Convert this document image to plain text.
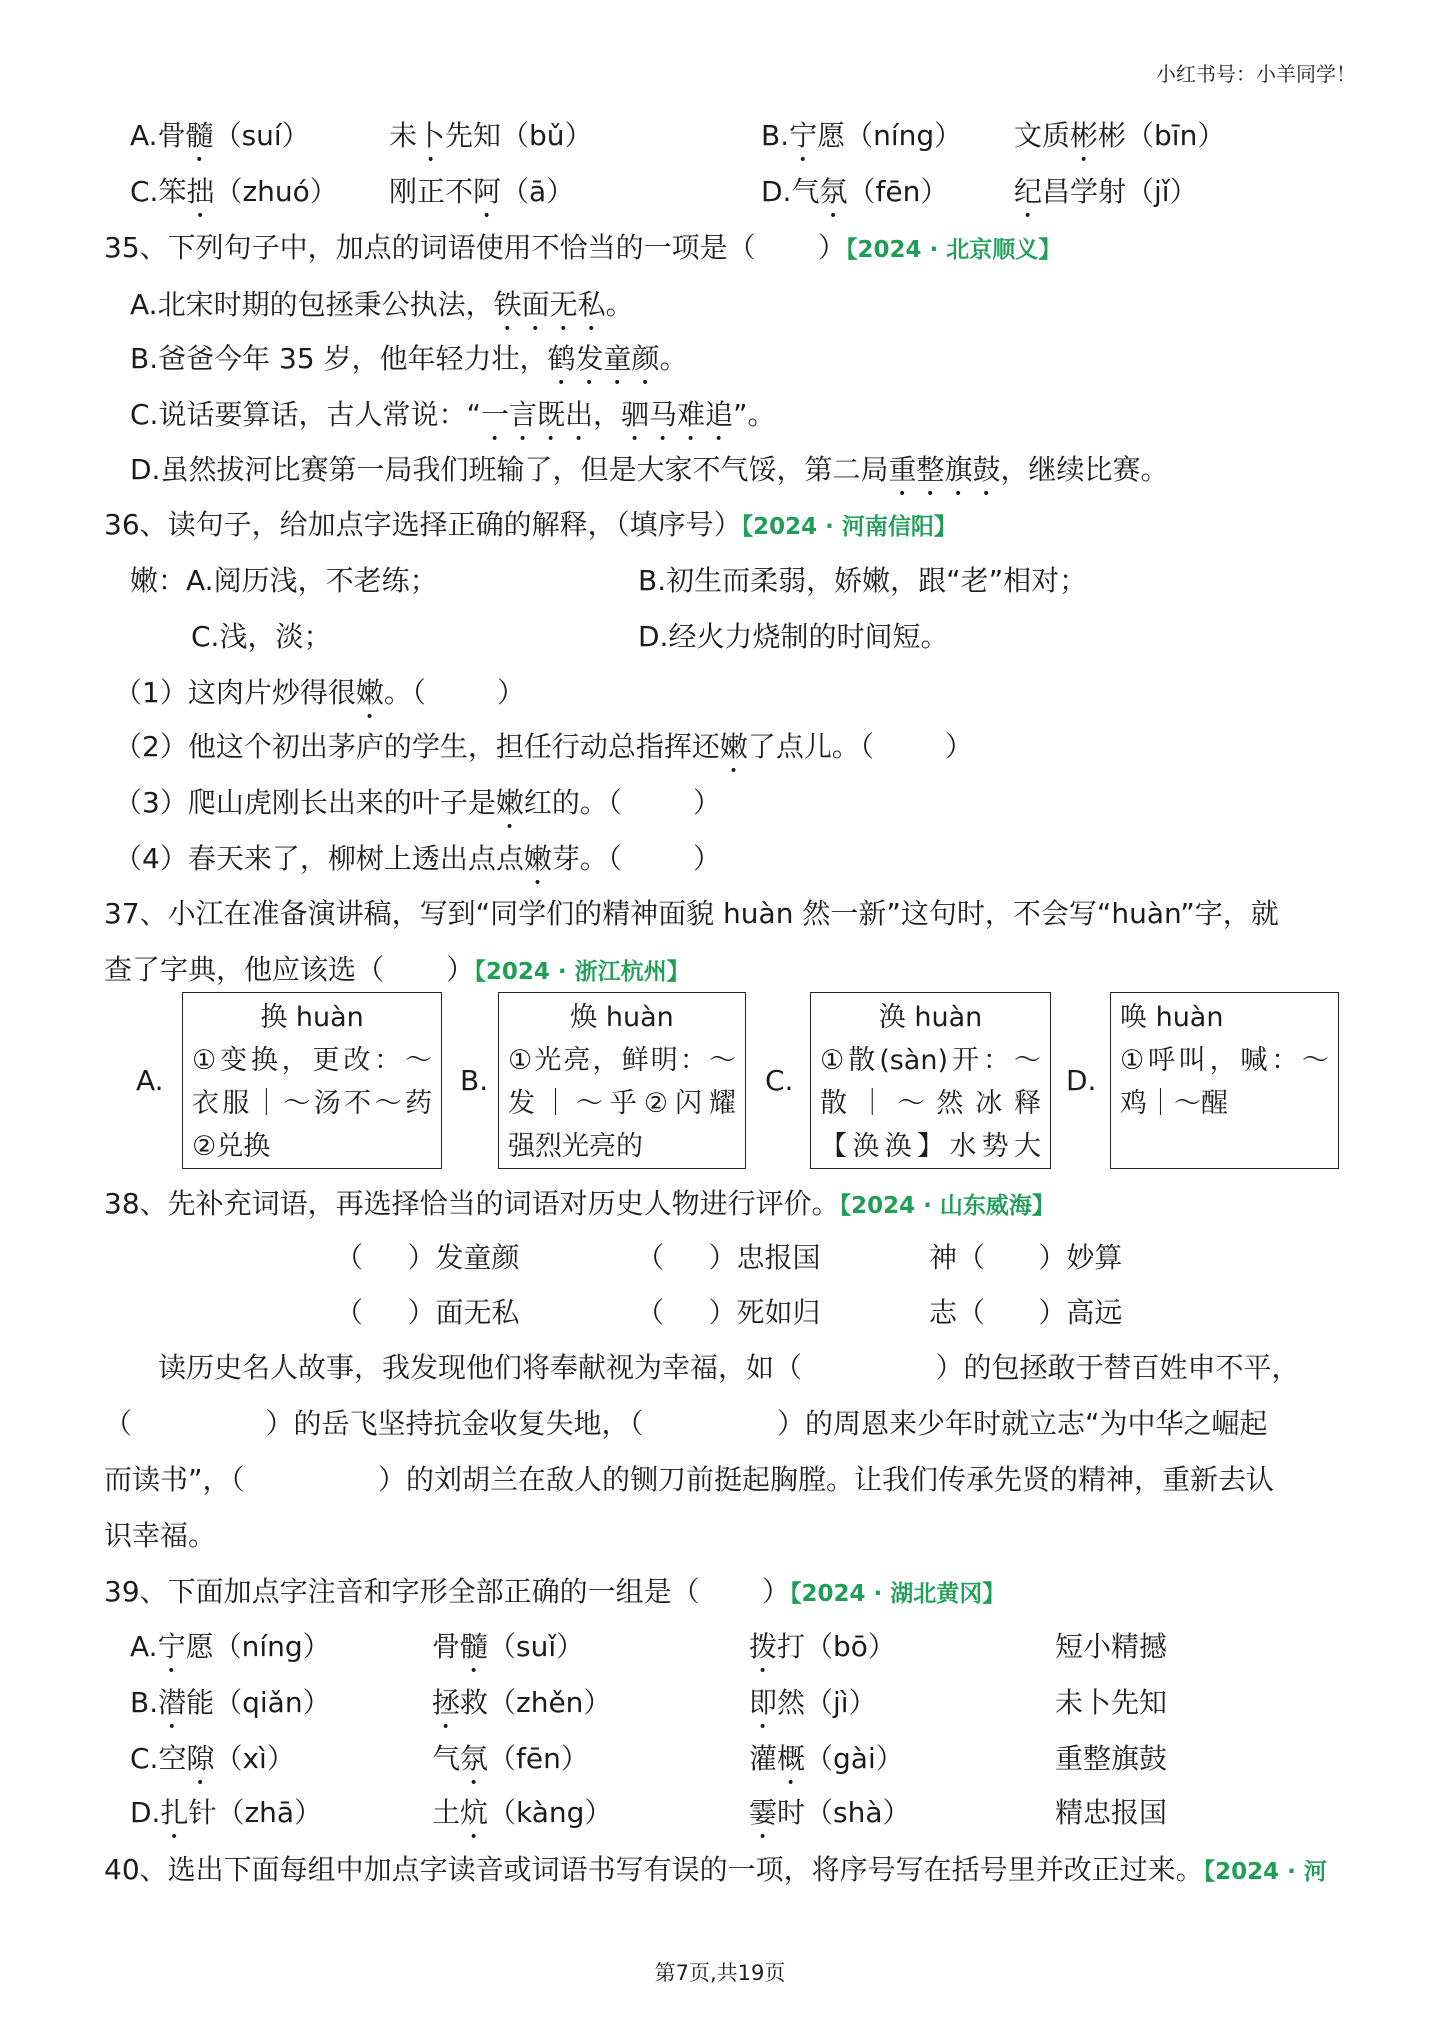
小红书号：小羊同学！
A.骨髓（suí）	未卜先知（bǔ）	B.宁愿（níng） 文质彬彬（bīn）
C.笨拙（zhuó） 刚正不阿（ā）	D.气氛（fēn） 纪昌学射（jǐ）
35、下列句子中，加点的词语使用不恰当的一项是（       ）【2024 · 北京顺义】
A.北宋时期的包拯秉公执法，铁面无私。
B.爸爸今年 35 岁，他年轻力壮，鹤发童颜。
C.说话要算话，古人常说：“一言既出，驷马难追”。
D.虽然拔河比赛第一局我们班输了，但是大家不气馁，第二局重整旗鼓，继续比赛。
36、读句子，给加点字选择正确的解释，（填序号）【2024 · 河南信阳】
嫩：A.阅历浅，不老练；	B.初生而柔弱，娇嫩，跟“老”相对；
C.浅，淡；	D.经火力烧制的时间短。
（1）这肉片炒得很嫩。（        ）
（2）他这个初出茅庐的学生，担任行动总指挥还嫩了点儿。（        ）
（3）爬山虎刚长出来的叶子是嫩红的。（        ）
（4）春天来了，柳树上透出点点嫩芽。（        ）
37、小江在准备演讲稿，写到“同学们的精神面貌 huàn 然一新”这句时，不会写“huàn”字，就
查了字典，他应该选（       ）【2024 · 浙江杭州】
A.
换 huàn
①变换，更改：～
衣服｜～汤不～药
②兑换
B.
焕 huàn
①光亮，鲜明：～
发｜～乎②闪耀
强烈光亮的
C.
涣 huàn
①散(sàn)开：～
散｜～然冰释
【涣涣】水势大
D.
唤 huàn
①呼叫，喊：～
鸡｜～醒
38、先补充词语，再选择恰当的词语对历史人物进行评价。【2024 · 山东威海】
（     ）发童颜	（     ）忠报国	神（      ）妙算
（     ）面无私	（     ）死如归	志（      ）高远
读历史名人故事，我发现他们将奉献视为幸福，如（               ）的包拯敢于替百姓申不平，
（               ）的岳飞坚持抗金收复失地，（               ）的周恩来少年时就立志“为中华之崛起
而读书”，（               ）的刘胡兰在敌人的铡刀前挺起胸膛。让我们传承先贤的精神，重新去认
识幸福。
39、下面加点字注音和字形全部正确的一组是（       ）【2024 · 湖北黄冈】
A.宁愿（níng）	骨髓（suǐ）	拨打（bō）	短小精撼
B.潜能（qiǎn）	拯救（zhěn）	即然（jì）	未卜先知
C.空隙（xì）	气氛（fēn）	灌概（gài）	重整旗鼓
D.扎针（zhā）	土炕（kàng）	霎时（shà）	精忠报国
40、选出下面每组中加点字读音或词语书写有误的一项，将序号写在括号里并改正过来。【2024 · 河
第7页,共19页
